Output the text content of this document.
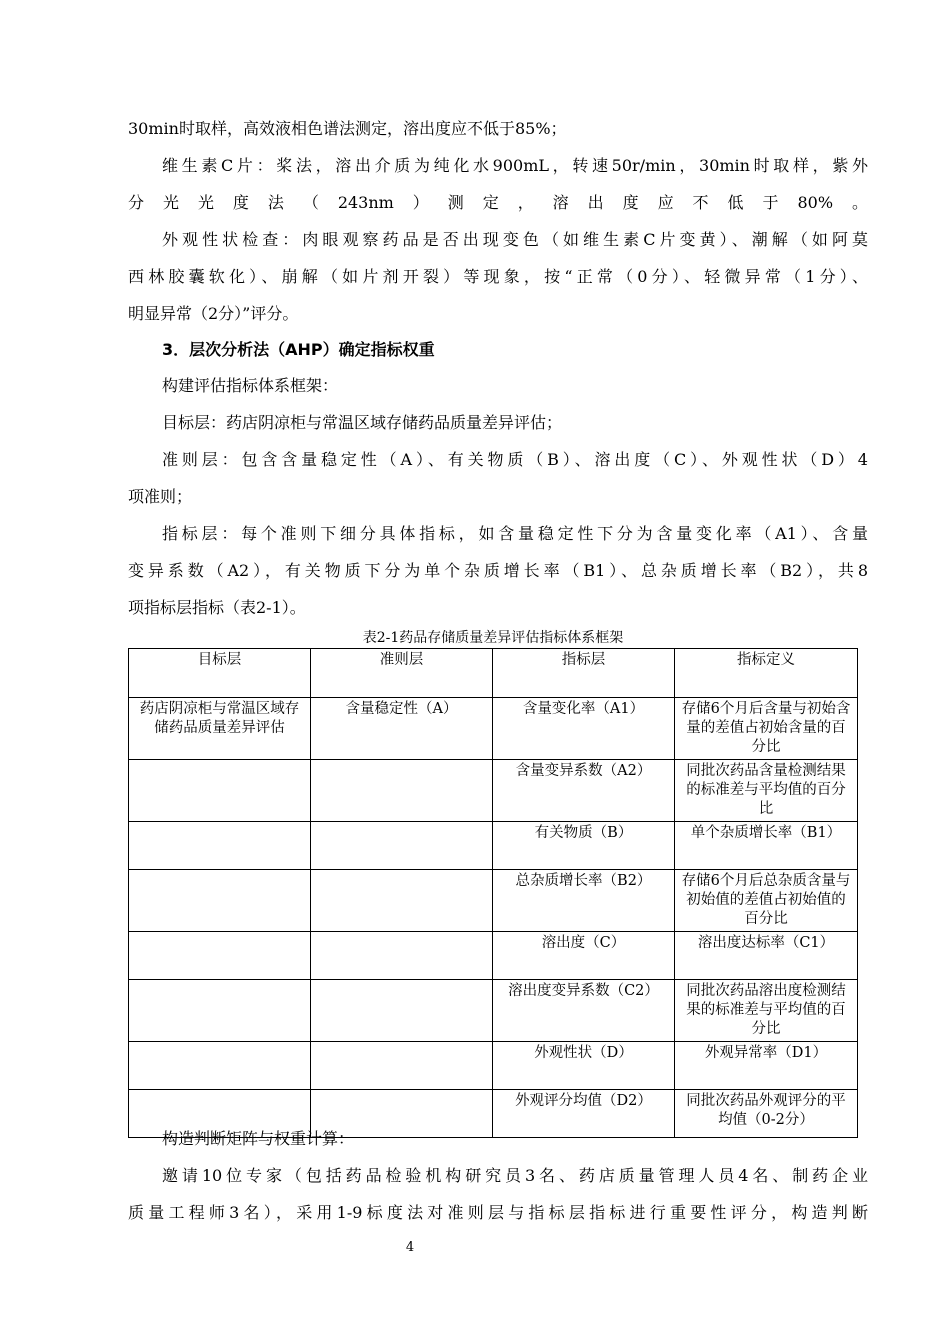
30min时取样，高效液相色谱法测定，溶出度应不低于85%；
维生素C片：桨法，溶出介质为纯化水900mL，转速50r/min，30min时取样，紫外
分光光度法（243nm）测定，溶出度应不低于80%。
外观性状检查：肉眼观察药品是否出现变色（如维生素C片变黄）、潮解（如阿莫
西林胶囊软化）、崩解（如片剂开裂）等现象，按“正常（0分）、轻微异常（1分）、
明显异常（2分）”评分。
3．层次分析法（AHP）确定指标权重
构建评估指标体系框架：
目标层：药店阴凉柜与常温区域存储药品质量差异评估；
准则层：包含含量稳定性（A）、有关物质（B）、溶出度（C）、外观性状（D）4
项准则；
指标层：每个准则下细分具体指标，如含量稳定性下分为含量变化率（A1）、含量
变异系数（A2），有关物质下分为单个杂质增长率（B1）、总杂质增长率（B2），共8
项指标层指标（表2-1）。
表2-1药品存储质量差异评估指标体系框架
目标层	准则层	指标层	指标定义
药店阴凉柜与常温区域存储药品质量差异评估	含量稳定性（A）	含量变化率（A1）	存储6个月后含量与初始含量的差值占初始含量的百分比
		含量变异系数（A2）	同批次药品含量检测结果的标准差与平均值的百分比
		有关物质（B）	单个杂质增长率（B1）
		总杂质增长率（B2）	存储6个月后总杂质含量与初始值的差值占初始值的百分比
		溶出度（C）	溶出度达标率（C1）
		溶出度变异系数（C2）	同批次药品溶出度检测结果的标准差与平均值的百分比
		外观性状（D）	外观异常率（D1）
		外观评分均值（D2）	同批次药品外观评分的平均值（0-2分）
构造判断矩阵与权重计算：
邀请10位专家（包括药品检验机构研究员3名、药店质量管理人员4名、制药企业
质量工程师3名），采用1-9标度法对准则层与指标层指标进行重要性评分，构造判断
4
